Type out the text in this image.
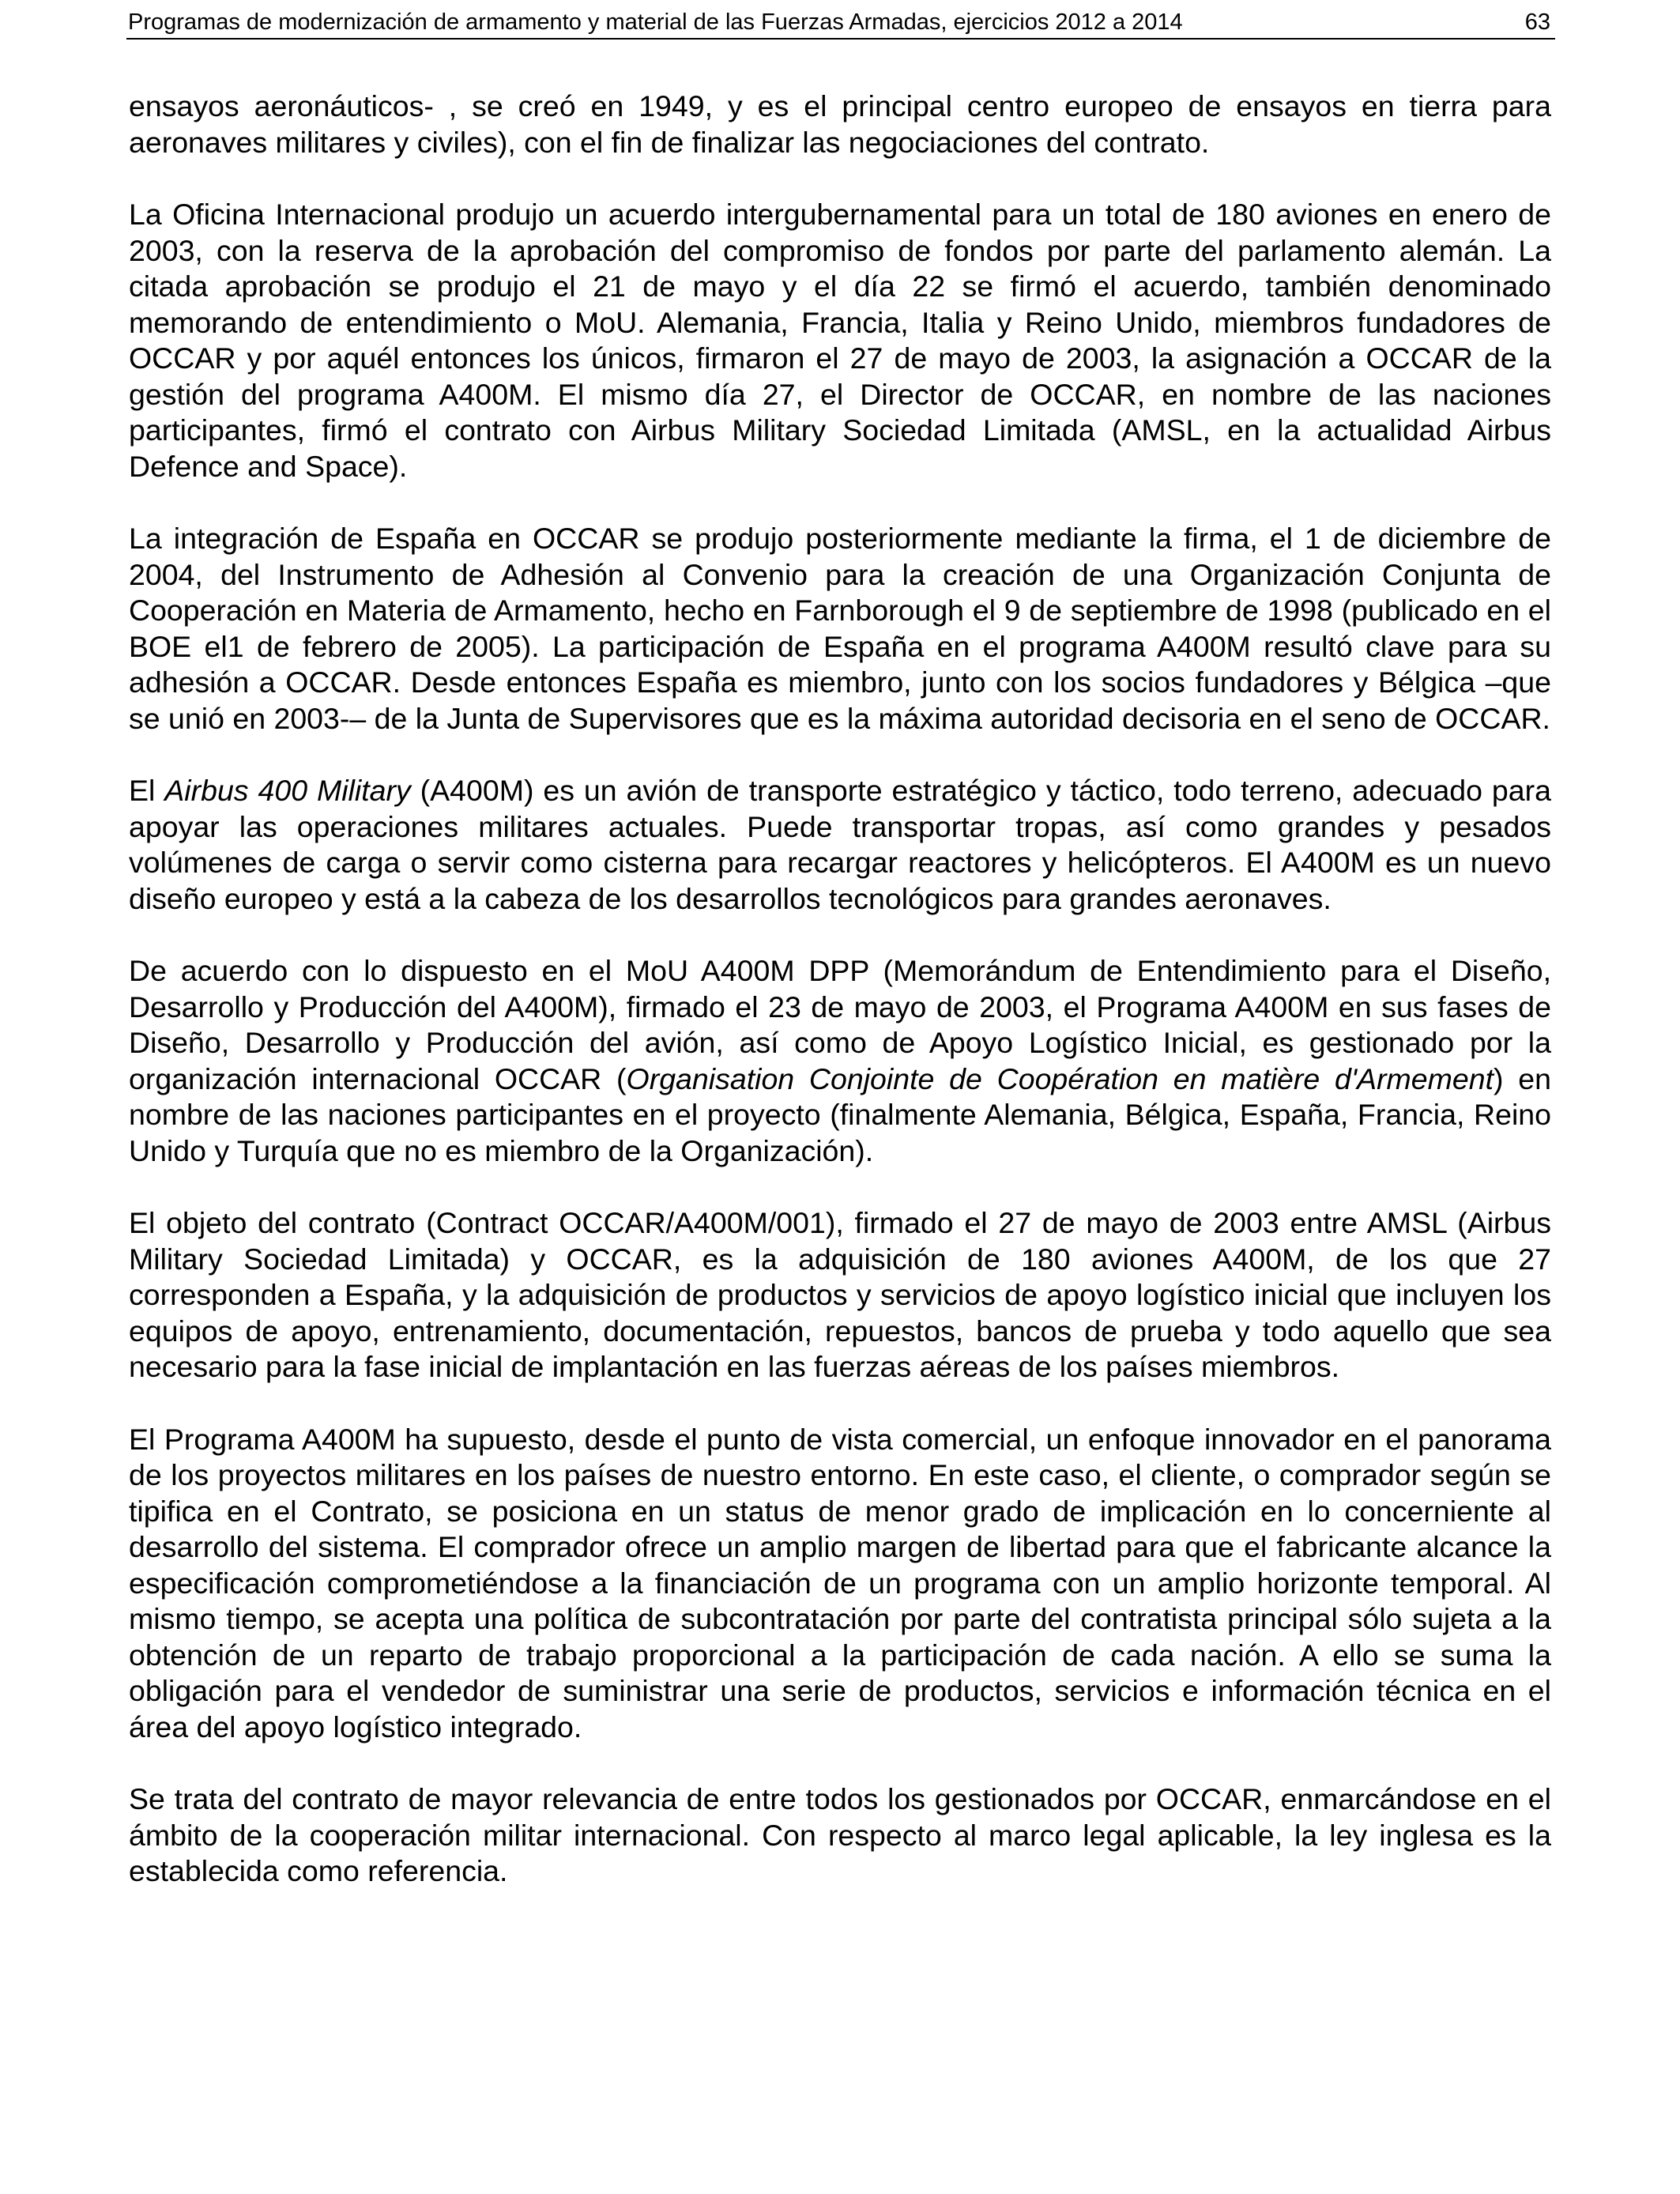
Programas de modernización de armamento y material de las Fuerzas Armadas, ejercicios 2012 a 2014	63

ensayos aeronáuticos- , se creó en 1949, y es el principal centro europeo de ensayos en tierra para aeronaves militares y civiles), con el fin de finalizar las negociaciones del contrato.

La Oficina Internacional produjo un acuerdo intergubernamental para un total de 180 aviones en enero de 2003, con la reserva de la aprobación del compromiso de fondos por parte del parlamento alemán. La citada aprobación se produjo el 21 de mayo y el día 22 se firmó el acuerdo, también denominado memorando de entendimiento o MoU. Alemania, Francia, Italia y Reino Unido, miembros fundadores de OCCAR y por aquél entonces los únicos, firmaron el 27 de mayo de 2003, la asignación a OCCAR de la gestión del programa A400M. El mismo día 27, el Director de OCCAR, en nombre de las naciones participantes, firmó el contrato con Airbus Military Sociedad Limitada (AMSL, en la actualidad Airbus Defence and Space).

La integración de España en OCCAR se produjo posteriormente mediante la firma, el 1 de diciembre de 2004, del Instrumento de Adhesión al Convenio para la creación de una Organización Conjunta de Cooperación en Materia de Armamento, hecho en Farnborough el 9 de septiembre de 1998 (publicado en el BOE el1 de febrero de 2005). La participación de España en el programa A400M resultó clave para su adhesión a OCCAR. Desde entonces España es miembro, junto con los socios fundadores y Bélgica –que se unió en 2003-– de la Junta de Supervisores que es la máxima autoridad decisoria en el seno de OCCAR.

El Airbus 400 Military (A400M) es un avión de transporte estratégico y táctico, todo terreno, adecuado para apoyar las operaciones militares actuales. Puede transportar tropas, así como grandes y pesados volúmenes de carga o servir como cisterna para recargar reactores y helicópteros. El A400M es un nuevo diseño europeo y está a la cabeza de los desarrollos tecnológicos para grandes aeronaves.

De acuerdo con lo dispuesto en el MoU A400M DPP (Memorándum de Entendimiento para el Diseño, Desarrollo y Producción del A400M), firmado el 23 de mayo de 2003, el Programa A400M en sus fases de Diseño, Desarrollo y Producción del avión, así como de Apoyo Logístico Inicial, es gestionado por la organización internacional OCCAR (Organisation Conjointe de Coopération en matière d'Armement) en nombre de las naciones participantes en el proyecto (finalmente Alemania, Bélgica, España, Francia, Reino Unido y Turquía que no es miembro de la Organización).

El objeto del contrato (Contract OCCAR/A400M/001), firmado el 27 de mayo de 2003 entre AMSL (Airbus Military Sociedad Limitada) y OCCAR, es la adquisición de 180 aviones A400M, de los que 27 corresponden a España, y la adquisición de productos y servicios de apoyo logístico inicial que incluyen los equipos de apoyo, entrenamiento, documentación, repuestos, bancos de prueba y todo aquello que sea necesario para la fase inicial de implantación en las fuerzas aéreas de los países miembros.

El Programa A400M ha supuesto, desde el punto de vista comercial, un enfoque innovador en el panorama de los proyectos militares en los países de nuestro entorno. En este caso, el cliente, o comprador según se tipifica en el Contrato, se posiciona en un status de menor grado de implicación en lo concerniente al desarrollo del sistema. El comprador ofrece un amplio margen de libertad para que el fabricante alcance la especificación comprometiéndose a la financiación de un programa con un amplio horizonte temporal. Al mismo tiempo, se acepta una política de subcontratación por parte del contratista principal sólo sujeta a la obtención de un reparto de trabajo proporcional a la participación de cada nación. A ello se suma la obligación para el vendedor de suministrar una serie de productos, servicios e información técnica en el área del apoyo logístico integrado.

Se trata del contrato de mayor relevancia de entre todos los gestionados por OCCAR, enmarcándose en el ámbito de la cooperación militar internacional. Con respecto al marco legal aplicable, la ley inglesa es la establecida como referencia.
